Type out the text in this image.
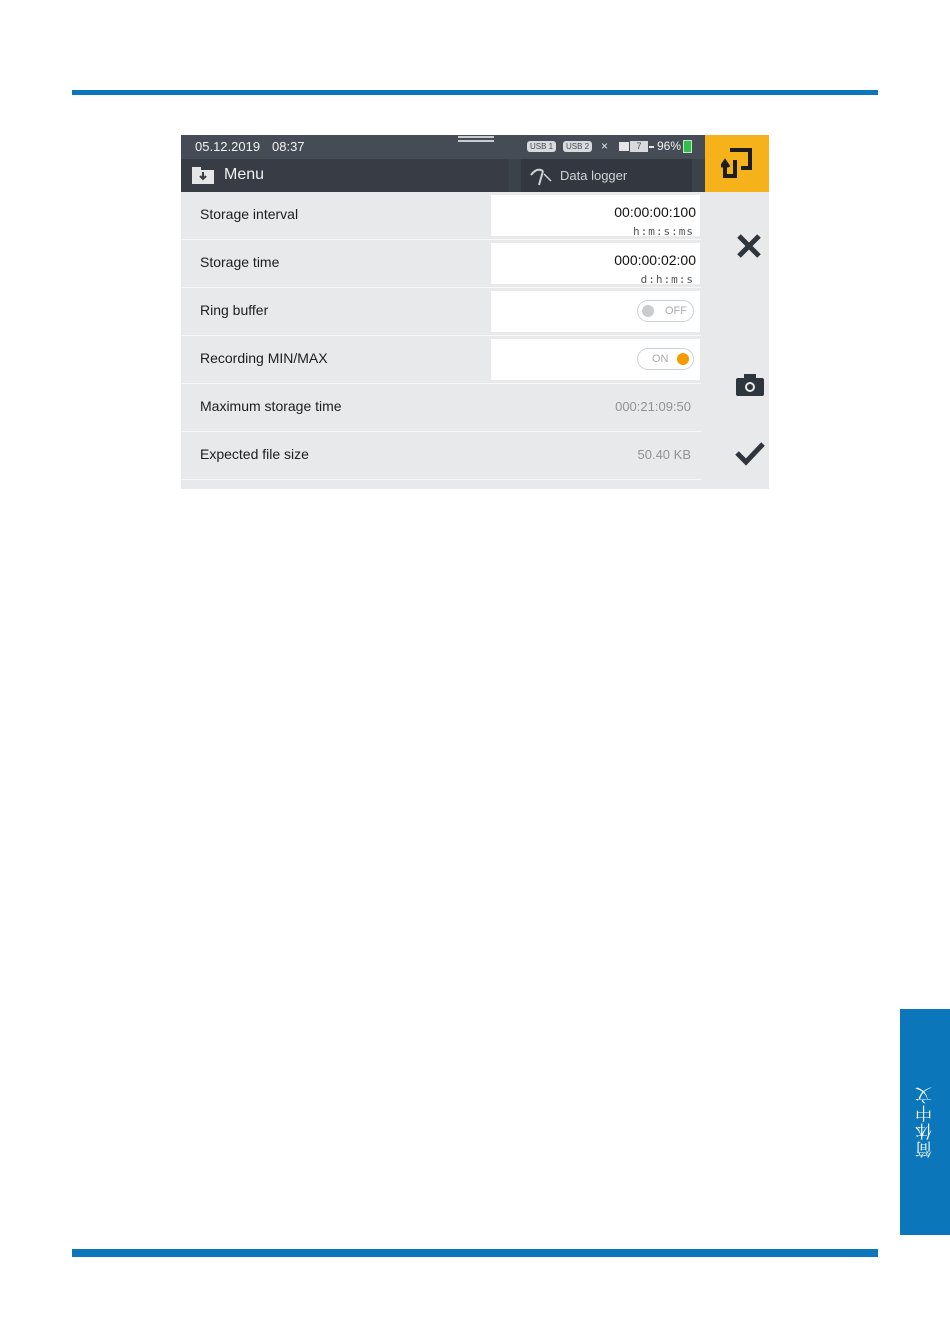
05.12.2019 08:37	USB 1	USB 2 ×	7	96%
Menu	Data logger
Storage interval	00:00:00:100
h:m:s:ms
Storage time	000:00:02:00
d:h:m:s
Ring buffer	OFF
Recording MIN/MAX	ON
Maximum storage time	000:21:09:50
Expected file size	50.40 KB
简体中文
